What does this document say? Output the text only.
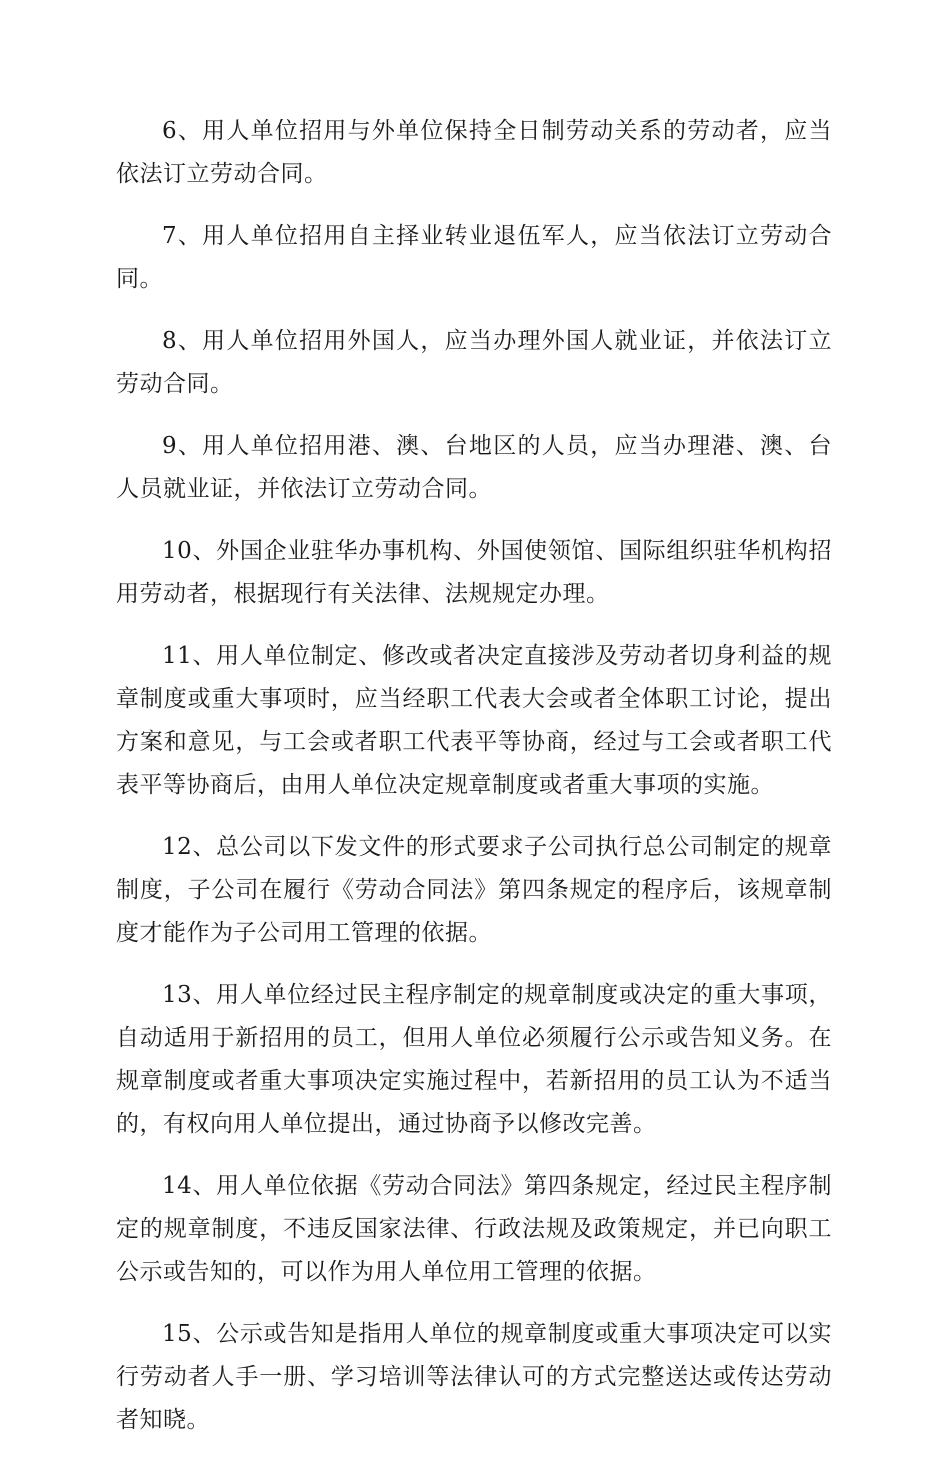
6、用人单位招用与外单位保持全日制劳动关系的劳动者，应当依法订立劳动合同。

7、用人单位招用自主择业转业退伍军人，应当依法订立劳动合同。

8、用人单位招用外国人，应当办理外国人就业证，并依法订立劳动合同。

9、用人单位招用港、澳、台地区的人员，应当办理港、澳、台人员就业证，并依法订立劳动合同。

10、外国企业驻华办事机构、外国使领馆、国际组织驻华机构招用劳动者，根据现行有关法律、法规规定办理。

11、用人单位制定、修改或者决定直接涉及劳动者切身利益的规章制度或重大事项时，应当经职工代表大会或者全体职工讨论，提出方案和意见，与工会或者职工代表平等协商，经过与工会或者职工代表平等协商后，由用人单位决定规章制度或者重大事项的实施。

12、总公司以下发文件的形式要求子公司执行总公司制定的规章制度，子公司在履行《劳动合同法》第四条规定的程序后，该规章制度才能作为子公司用工管理的依据。

13、用人单位经过民主程序制定的规章制度或决定的重大事项，自动适用于新招用的员工，但用人单位必须履行公示或告知义务。在规章制度或者重大事项决定实施过程中，若新招用的员工认为不适当的，有权向用人单位提出，通过协商予以修改完善。

14、用人单位依据《劳动合同法》第四条规定，经过民主程序制定的规章制度，不违反国家法律、行政法规及政策规定，并已向职工公示或告知的，可以作为用人单位用工管理的依据。

15、公示或告知是指用人单位的规章制度或重大事项决定可以实行劳动者人手一册、学习培训等法律认可的方式完整送达或传达劳动者知晓。
